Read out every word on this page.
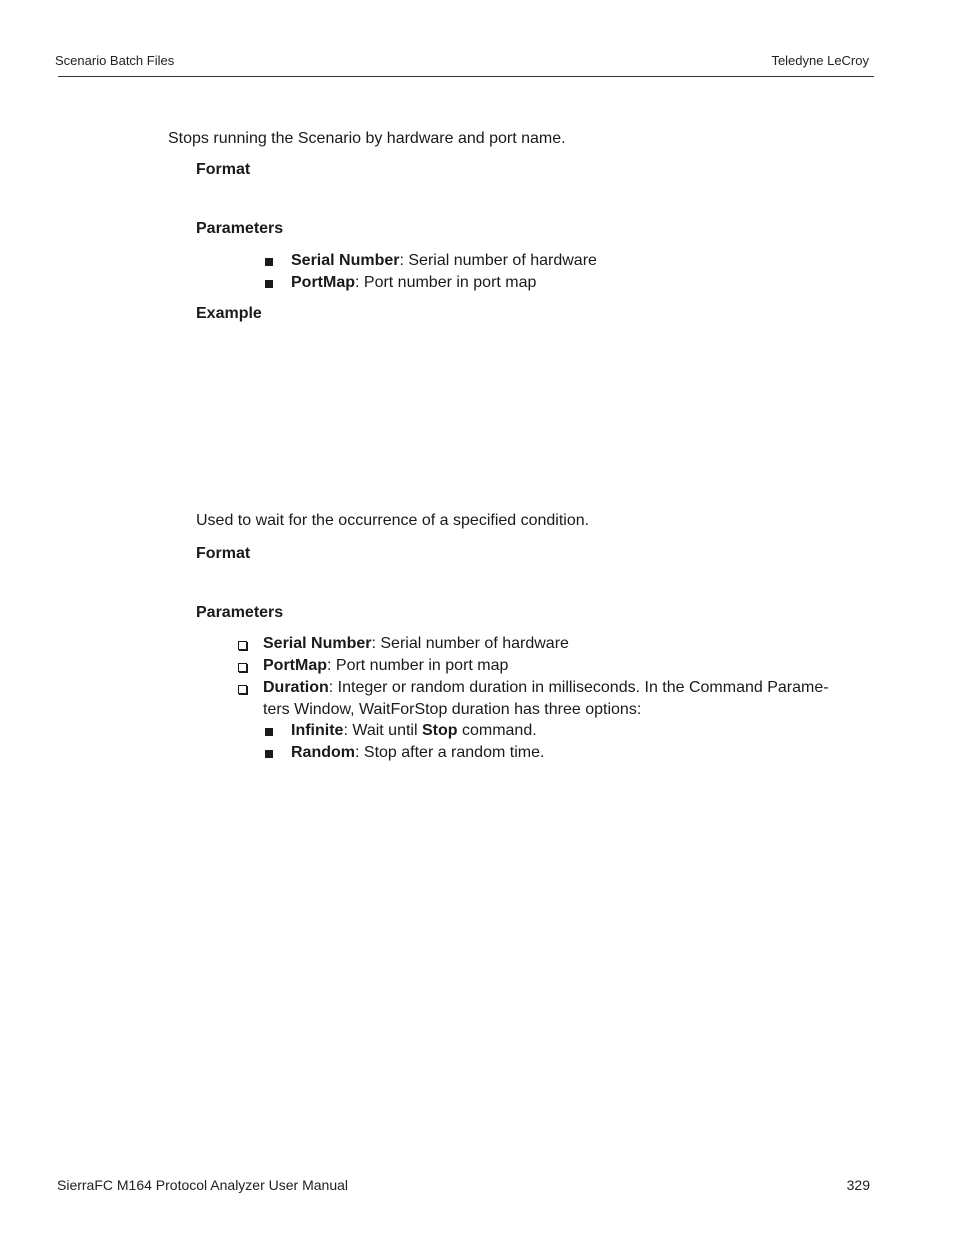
Scenario Batch Files	Teledyne LeCroy
Stops running the Scenario by hardware and port name.
Format
Parameters
Serial Number: Serial number of hardware
PortMap: Port number in port map
Example
Used to wait for the occurrence of a specified condition.
Format
Parameters
Serial Number: Serial number of hardware
PortMap: Port number in port map
Duration: Integer or random duration in milliseconds. In the Command Parame-
ters Window, WaitForStop duration has three options:
Infinite: Wait until Stop command.
Random: Stop after a random time.
SierraFC M164 Protocol Analyzer User Manual	329
